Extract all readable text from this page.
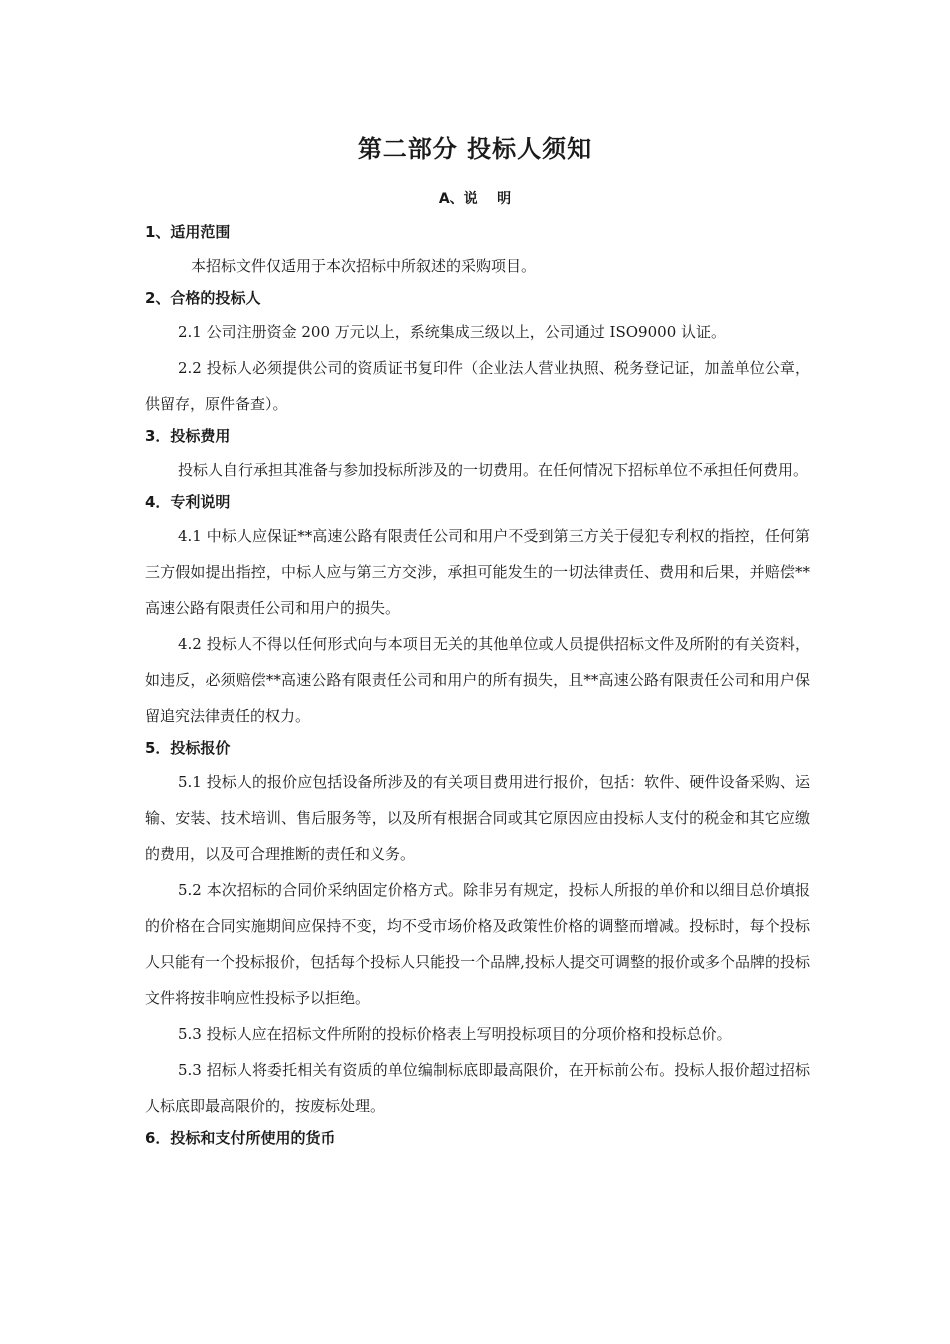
第二部分 投标人须知
A、说    明
1、适用范围

本招标文件仅适用于本次招标中所叙述的采购项目。

2、合格的投标人

2.1 公司注册资金 200 万元以上，系统集成三级以上，公司通过 ISO9000 认证。

2.2 投标人必须提供公司的资质证书复印件（企业法人营业执照、税务登记证，加盖单位公章，供留存，原件备查）。

3．投标费用

投标人自行承担其准备与参加投标所涉及的一切费用。在任何情况下招标单位不承担任何费用。

4．专利说明

4.1 中标人应保证**高速公路有限责任公司和用户不受到第三方关于侵犯专利权的指控，任何第三方假如提出指控，中标人应与第三方交涉，承担可能发生的一切法律责任、费用和后果，并赔偿**高速公路有限责任公司和用户的损失。

4.2 投标人不得以任何形式向与本项目无关的其他单位或人员提供招标文件及所附的有关资料，如违反，必须赔偿**高速公路有限责任公司和用户的所有损失，且**高速公路有限责任公司和用户保留追究法律责任的权力。

5．投标报价

5.1 投标人的报价应包括设备所涉及的有关项目费用进行报价，包括：软件、硬件设备采购、运输、安装、技术培训、售后服务等，以及所有根据合同或其它原因应由投标人支付的税金和其它应缴的费用，以及可合理推断的责任和义务。

5.2 本次招标的合同价采纳固定价格方式。除非另有规定，投标人所报的单价和以细目总价填报的价格在合同实施期间应保持不变，均不受市场价格及政策性价格的调整而增减。投标时，每个投标人只能有一个投标报价，包括每个投标人只能投一个品牌,投标人提交可调整的报价或多个品牌的投标文件将按非响应性投标予以拒绝。

5.3 投标人应在招标文件所附的投标价格表上写明投标项目的分项价格和投标总价。

5.3 招标人将委托相关有资质的单位编制标底即最高限价，在开标前公布。投标人报价超过招标人标底即最高限价的，按废标处理。

6．投标和支付所使用的货币
